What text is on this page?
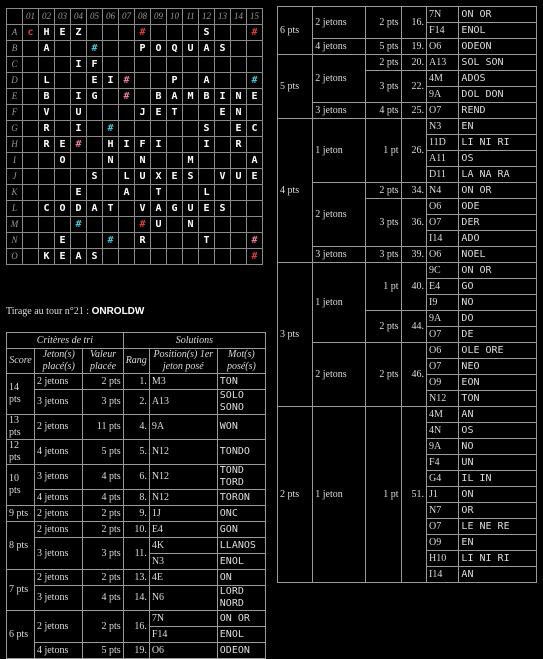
	01	02	03	04	05	06	07	08	09	10	11	12	13	14	15
A	c	H	E	Z				#				S			#
B		A			#			P	O	Q	U	A	S		
C				I	F										
D		L			E	I	#			P		A			#
E		B		I	G		#		B	A	M	B	I	N	E
F		V		U				J	E	T			E	N	
G		R		I		#						S		E	C
H		R	E	#		H	I	F	I			I		R	
I			O			N		N			M				A
J					S		L	U	X	E	S		V	U	E
K				E			A		T			L			
L		C	O	D	A	T		V	A	G	U	E	S		
M				#				#	U		N				
N			E			#		R				T			#
O		K	E	A	S										#
Tirage au tour n°21 : ONROLDW
Critères de tri			Solutions		
Score	Jeton(s) placé(s)	Valeur placée	Rang	Position(s) 1er jeton posé	Mot(s) posé(s)
14 pts	2 jetons	2 pts	1.	M3	TON
	3 jetons	3 pts	2.	A13	SOLO SONO
13 pts	2 jetons	11 pts	4.	9A	WON
12 pts	4 jetons	5 pts	5.	N12	TONDO
10 pts	3 jetons	4 pts	6.	N12	TOND TORD
	4 jetons	4 pts	8.	N12	TORON
9 pts	2 jetons	2 pts	9.	1J	ONC
8 pts	2 jetons	2 pts	10.	E4	GON
	3 jetons	3 pts	11.	4K	LLANOS
				N3	ENOL
7 pts	2 jetons	2 pts	13.	4E	ON
	3 jetons	4 pts	14.	N6	LORD NORD
6 pts	2 jetons	2 pts	16.	7N	ON OR
				F14	ENOL
	4 jetons	5 pts	19.	O6	ODEON
6 pts	2 jetons	2 pts	16.	7N	ON OR
				F14	ENOL
	4 jetons	5 pts	19.	O6	ODEON
5 pts	2 jetons	2 pts	20.	A13	SOL SON
		3 pts	22.	4M	ADOS
				9A	DOL DON
	3 jetons	4 pts	25.	O7	REND
4 pts	1 jeton	1 pt	26.	N3	EN
				11D	LI NI RI
				A11	OS
				D11	LA NA RA
	2 jetons	2 pts	34.	N4	ON OR
		3 pts	36.	O6	ODE
				O7	DER
				I14	ADO
	3 jetons	3 pts	39.	O6	NOEL
3 pts	1 jeton	1 pt	40.	9C	ON OR
				E4	GO
				I9	NO
		2 pts	44.	9A	DO
				O7	DE
	2 jetons	2 pts	46.	O6	OLE ORE
				O7	NEO
				O9	EON
				N12	TON
2 pts	1 jeton	1 pt	51.	4M	AN
				4N	OS
				9A	NO
				F4	UN
				G4	IL IN
				J1	ON
				N7	OR
				O7	LE NE RE
				O9	EN
				H10	LI NI RI
				I14	AN
